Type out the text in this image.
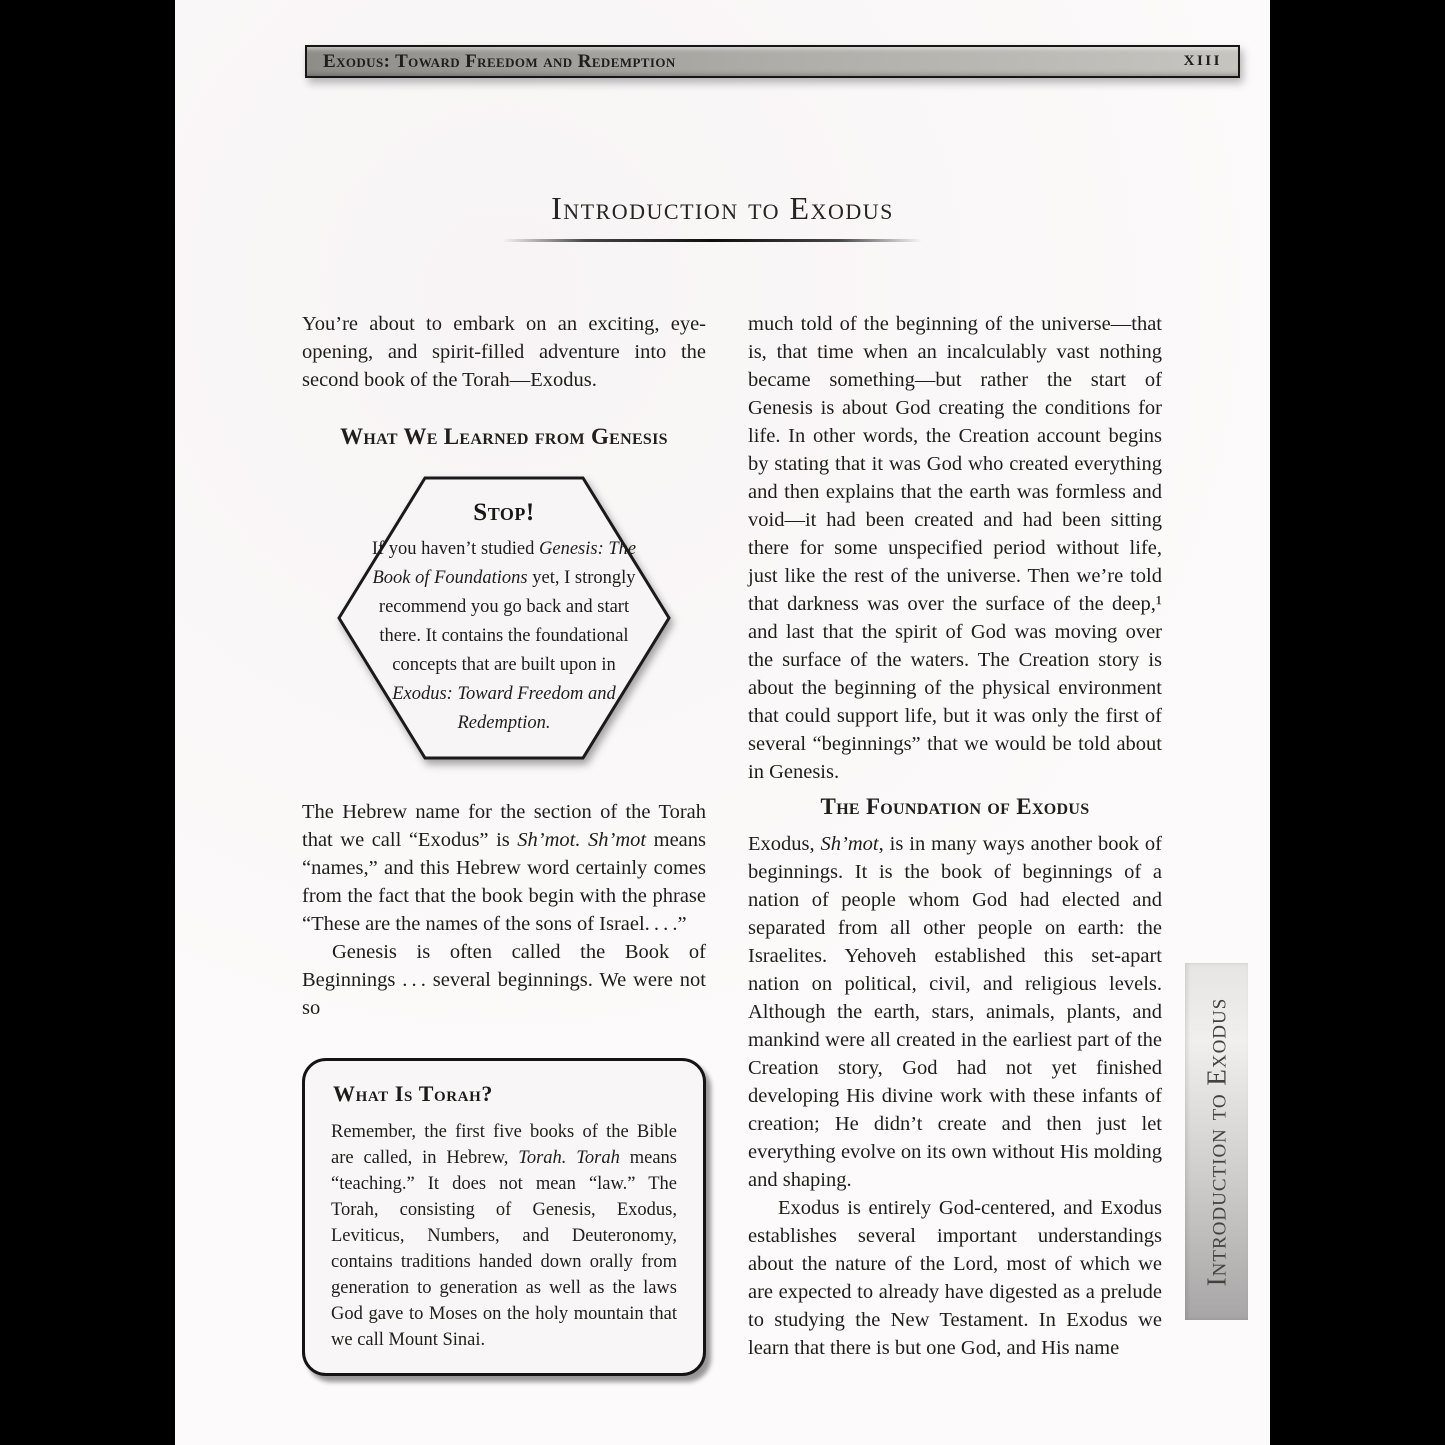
Exodus: Toward Freedom and Redemption	XIII
Introduction to Exodus

You’re about to embark on an exciting, eye-opening, and spirit-filled adventure into the second book of the Torah—Exodus.

What We Learned from Genesis

Stop!

If you haven’t studied Genesis: The Book of Foundations yet, I strongly recommend you go back and start there. It contains the foundational concepts that are built upon in Exodus: Toward Freedom and Redemption.

The Hebrew name for the section of the Torah that we call “Exodus” is Sh’mot. Sh’mot means “names,” and this Hebrew word certainly comes from the fact that the book begin with the phrase “These are the names of the sons of Israel. . . .”

Genesis is often called the Book of Beginnings . . . several beginnings. We were not so

What Is Torah?

Remember, the first five books of the Bible are called, in Hebrew, Torah. Torah means “teaching.” It does not mean “law.” The Torah, consisting of Genesis, Exodus, Leviticus, Numbers, and Deuteronomy, contains traditions handed down orally from generation to generation as well as the laws God gave to Moses on the holy mountain that we call Mount Sinai.

much told of the beginning of the universe—that is, that time when an incalculably vast nothing became something—but rather the start of Genesis is about God creating the conditions for life. In other words, the Creation account begins by stating that it was God who created everything and then explains that the earth was formless and void—it had been created and had been sitting there for some unspecified period without life, just like the rest of the universe. Then we’re told that darkness was over the surface of the deep,¹ and last that the spirit of God was moving over the surface of the waters. The Creation story is about the beginning of the physical environment that could support life, but it was only the first of several “beginnings” that we would be told about in Genesis.

The Foundation of Exodus

Exodus, Sh’mot, is in many ways another book of beginnings. It is the book of beginnings of a nation of people whom God had elected and separated from all other people on earth: the Israelites. Yehoveh established this set-apart nation on political, civil, and religious levels. Although the earth, stars, animals, plants, and mankind were all created in the earliest part of the Creation story, God had not yet finished developing His divine work with these infants of creation; He didn’t create and then just let everything evolve on its own without His molding and shaping.

Exodus is entirely God-centered, and Exodus establishes several important understandings about the nature of the Lord, most of which we are expected to already have digested as a prelude to studying the New Testament. In Exodus we learn that there is but one God, and His name

Introduction to Exodus
